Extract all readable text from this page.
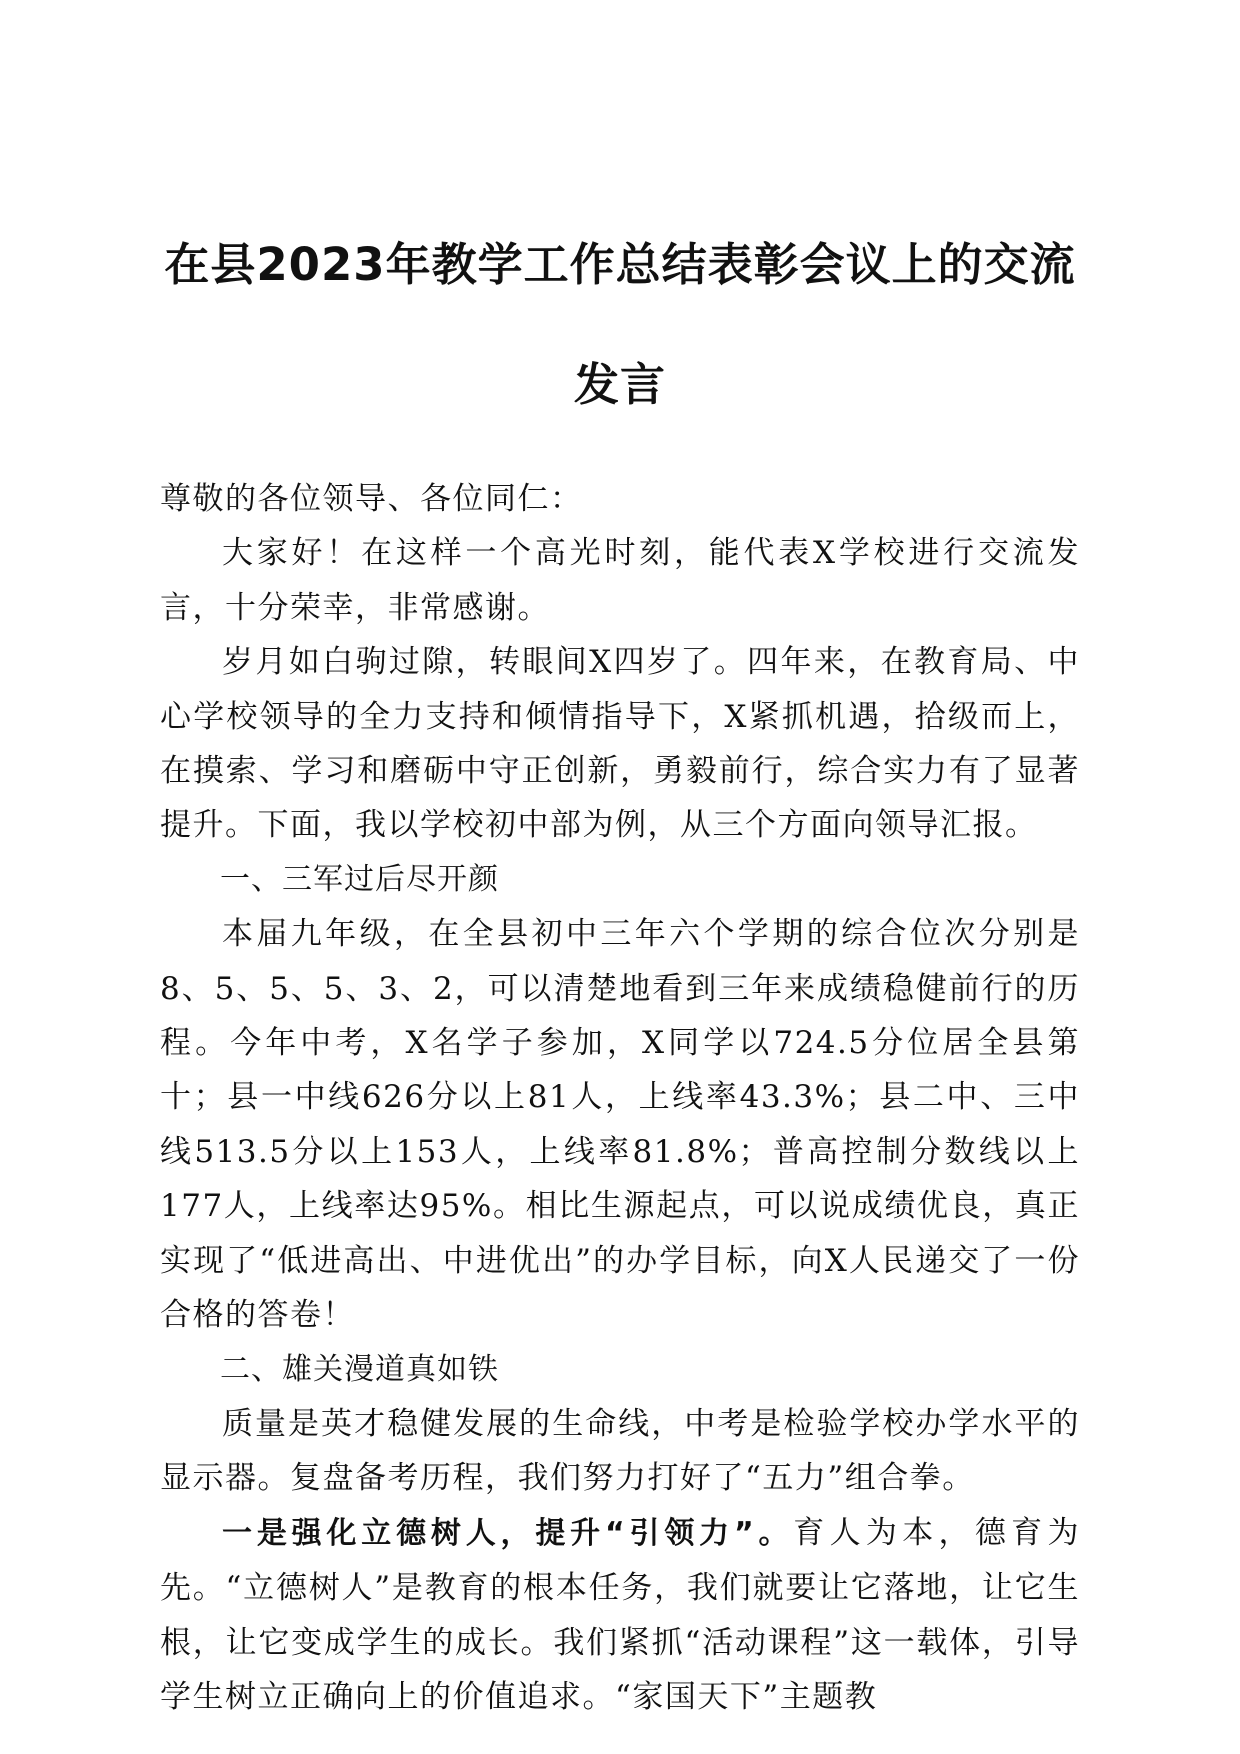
在县2023年教学工作总结表彰会议上的交流
发言

尊敬的各位领导、各位同仁：

大家好！在这样一个高光时刻，能代表X学校进行交流发言，十分荣幸，非常感谢。

岁月如白驹过隙，转眼间X四岁了。四年来，在教育局、中心学校领导的全力支持和倾情指导下，X紧抓机遇，拾级而上，在摸索、学习和磨砺中守正创新，勇毅前行，综合实力有了显著提升。下面，我以学校初中部为例，从三个方面向领导汇报。

一、三军过后尽开颜

本届九年级，在全县初中三年六个学期的综合位次分别是8、5、5、5、3、2，可以清楚地看到三年来成绩稳健前行的历程。今年中考，X名学子参加，X同学以724.5分位居全县第十；县一中线626分以上81人，上线率43.3%；县二中、三中线513.5分以上153人，上线率81.8%；普高控制分数线以上177人，上线率达95%。相比生源起点，可以说成绩优良，真正实现了“低进高出、中进优出”的办学目标，向X人民递交了一份合格的答卷！

二、雄关漫道真如铁

质量是英才稳健发展的生命线，中考是检验学校办学水平的显示器。复盘备考历程，我们努力打好了“五力”组合拳。

一是强化立德树人，提升“引领力”。育人为本，德育为先。“立德树人”是教育的根本任务，我们就要让它落地，让它生根，让它变成学生的成长。我们紧抓“活动课程”这一载体，引导学生树立正确向上的价值追求。“家国天下”主题教
